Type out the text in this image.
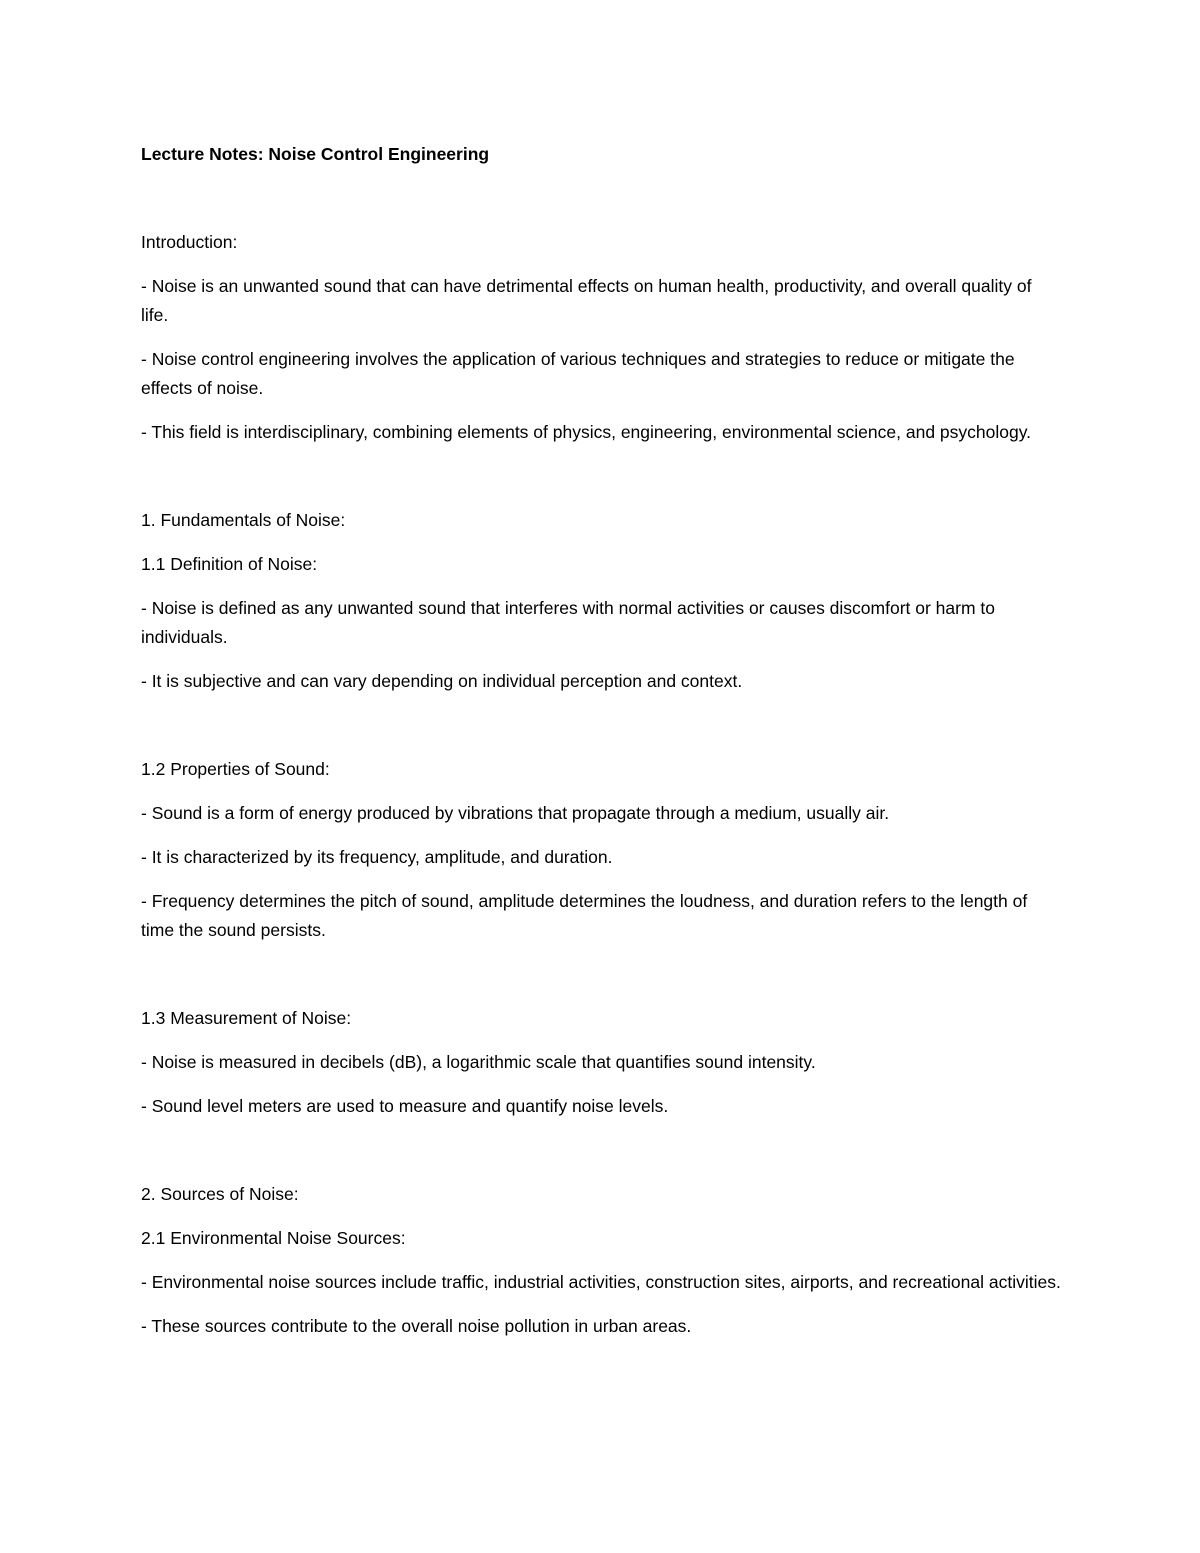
Lecture Notes: Noise Control Engineering

Introduction:

- Noise is an unwanted sound that can have detrimental effects on human health, productivity, and overall quality of life.

- Noise control engineering involves the application of various techniques and strategies to reduce or mitigate the effects of noise.

- This field is interdisciplinary, combining elements of physics, engineering, environmental science, and psychology.

1. Fundamentals of Noise:

1.1 Definition of Noise:

- Noise is defined as any unwanted sound that interferes with normal activities or causes discomfort or harm to individuals.

- It is subjective and can vary depending on individual perception and context.

1.2 Properties of Sound:

- Sound is a form of energy produced by vibrations that propagate through a medium, usually air.

- It is characterized by its frequency, amplitude, and duration.

- Frequency determines the pitch of sound, amplitude determines the loudness, and duration refers to the length of time the sound persists.

1.3 Measurement of Noise:

- Noise is measured in decibels (dB), a logarithmic scale that quantifies sound intensity.

- Sound level meters are used to measure and quantify noise levels.

2. Sources of Noise:

2.1 Environmental Noise Sources:

- Environmental noise sources include traffic, industrial activities, construction sites, airports, and recreational activities.

- These sources contribute to the overall noise pollution in urban areas.
